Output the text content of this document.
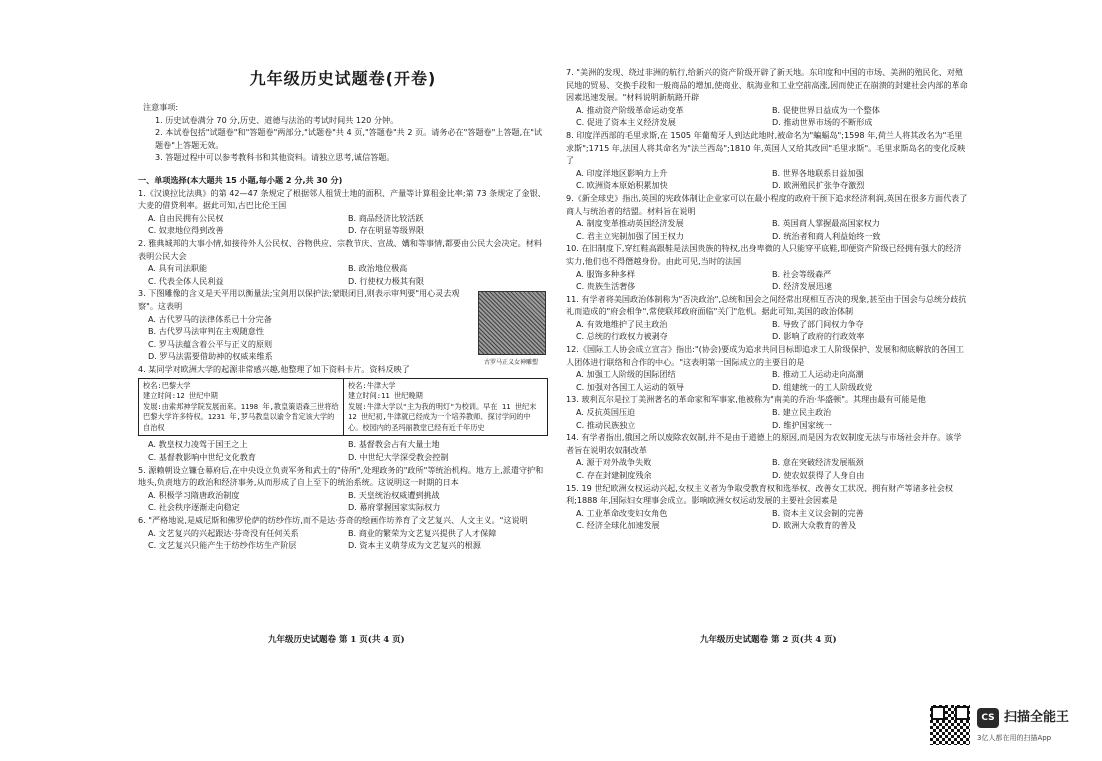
九年级历史试题卷(开卷)
注意事项:
1. 历史试卷满分 70 分,历史、道德与法治的考试时间共 120 分钟。
2. 本试卷包括"试题卷"和"答题卷"两部分,"试题卷"共 4 页,"答题卷"共 2 页。请务必在"答题卷"上答题,在"试题卷"上答题无效。
3. 答题过程中可以参考教科书和其他资料。请独立思考,诚信答题。
一、单项选择(本大题共 15 小题,每小题 2 分,共 30 分)
1.《汉谟拉比法典》的第 42—47 条规定了根据邻人租赁土地的面积、产量等计算租金比率;第 73 条规定了金银、大麦的借贷利率。据此可知,古巴比伦王国
A. 自由民拥有公民权	B. 商品经济比较活跃
C. 奴隶地位得到改善	D. 存在明显等级界限
2. 雅典城邦的大事小情,如接待外人公民权、谷物供应、宗教节庆、宣战、媾和等事情,都要由公民大会决定。材料表明公民大会
A. 具有司法职能	B. 政治地位极高
C. 代表全体人民利益	D. 行使权力极其有限
3. 下图雕像的含义是天平用以衡量法;宝剑用以保护法;蒙眼闭目,则表示审判要"用心灵去观察"。这表明
A. 古代罗马的法律体系已十分完备
B. 古代罗马法审判在主观随意性
C. 罗马法蕴含着公平与正义的原则
D. 罗马法需要借助神的权威来维系
古罗马正义女神雕塑
4. 某同学对欧洲大学的起源非常感兴趣,他整理了如下资料卡片。资料反映了
校名:巴黎大学
建立时间:12 世纪中期
发展:由索邦神学院发展而来。1198 年,教皇策语森三世将给巴黎大学许多特权。1231 年,罗马教皇以谕令肯定该大学的自治权
校名:牛津大学
建立时间:11 世纪晚期
发展:牛津大学以"主为我的明灯"为校训。早在 11 世纪末 12 世纪初,牛津就已经成为一个培养教师、探讨学问的中心。校园内的圣玛丽教堂已经有近千年历史
A. 教皇权力凌驾于国王之上	B. 基督教会占有大量土地
C. 基督教影响中世纪文化教育	D. 中世纪大学深受教会控制
5. 源赖朝设立镰仓幕府后,在中央设立负责军务和武士的"侍所",处理政务的"政所"等统治机构。地方上,派遣守护和地头,负责地方的政治和经济事务,从而形成了自上至下的统治系统。这说明这一时期的日本
A. 积极学习隋唐政治制度	B. 天皇统治权威遭到挑战
C. 社会秩序逐渐走向稳定	D. 幕府掌握国家实际权力
6. "严格地说,是威尼斯和佛罗伦萨的纺纱作坊,而不是达·芬奇的绘画作坊养育了文艺复兴、人文主义。"这说明
A. 文艺复兴的兴起跟达·芬奇没有任何关系	B. 商业的繁荣为文艺复兴提供了人才保障
C. 文艺复兴只能产生于纺纱作坊生产阶层	D. 资本主义萌芽成为文艺复兴的根源
7. "美洲的发现、绕过非洲的航行,给新兴的资产阶级开辟了新天地。东印度和中国的市场、美洲的殖民化、对殖民地的贸易、交换手段和一般商品的增加,使商业、航海业和工业空前高涨,因而使正在崩溃的封建社会内部的革命因素迅速发展。"材料说明新航路开辟
A. 推动资产阶级革命运动变革	B. 促使世界日益成为一个整体
C. 促进了资本主义经济发展	D. 推动世界市场的不断形成
8. 印度洋西部的毛里求斯,在 1505 年葡萄牙人到达此地时,被命名为"蝙蝠岛";1598 年,荷兰人将其改名为"毛里求斯";1715 年,法国人将其命名为"法兰西岛";1810 年,英国人又给其改回"毛里求斯"。毛里求斯岛名的变化反映了
A. 印度洋地区影响力上升	B. 世界各地联系日益加强
C. 欧洲资本原始积累加快	D. 欧洲殖民扩张争夺激烈
9.《新全球史》指出,英国的宪政体制让企业家可以在最小程度的政府干预下追求经济利润,英国在很多方面代表了商人与统治者的结盟。材料旨在说明
A. 制度变革推动英国经济发展	B. 英国商人掌握最高国家权力
C. 君主立宪制加强了国王权力	D. 统治者和商人利益始终一致
10. 在旧制度下,穿红鞋高跟鞋是法国贵族的特权,出身卑微的人只能穿平底鞋,即便资产阶级已经拥有强大的经济实力,他们也不得僭越身份。由此可见,当时的法国
A. 服饰多种多样	B. 社会等级森严
C. 贵族生活奢侈	D. 经济发展迅速
11. 有学者将美国政治体制称为"否决政治",总统和国会之间经常出现相互否决的现象,甚至由于国会与总统分歧抗礼而造成的"府会相争",常使联邦政府面临"关门"危机。据此可知,美国的政治体制
A. 有效地维护了民主政治	B. 导致了部门间权力争夺
C. 总统的行政权力被剥夺	D. 影响了政府的行政效率
12.《国际工人协会成立宣言》指出:"(协会)要成为追求共同目标即追求工人阶级保护、发展和彻底解放的各国工人团体进行联络和合作的中心。"这表明第一国际成立的主要目的是
A. 加强工人阶级的国际团结	B. 推动工人运动走向高潮
C. 加强对各国工人运动的领导	D. 组建统一的工人阶级政党
13. 玻利瓦尔是拉丁美洲著名的革命家和军事家,他被称为"南美的乔治·华盛顿"。其理由最有可能是他
A. 反抗英国压迫	B. 建立民主政治
C. 推动民族独立	D. 维护国家统一
14. 有学者指出,俄国之所以废除农奴制,并不是由于道德上的原因,而是因为农奴制度无法与市场社会并存。该学者旨在说明农奴制改革
A. 源于对外战争失败	B. 意在突破经济发展瓶颈
C. 存在封建制度残余	D. 使农奴获得了人身自由
15. 19 世纪欧洲女权运动兴起,女权主义者为争取受教育权和选举权、改善女工状况、拥有财产等诸多社会权利;1888 年,国际妇女理事会成立。影响欧洲女权运动发展的主要社会因素是
A. 工业革命改变妇女角色	B. 资本主义议会制的完善
C. 经济全球化加速发展	D. 欧洲大众教育的普及
九年级历史试题卷 第 1 页(共 4 页)	九年级历史试题卷 第 2 页(共 4 页)
CS 扫描全能王
3亿人都在用的扫描App
